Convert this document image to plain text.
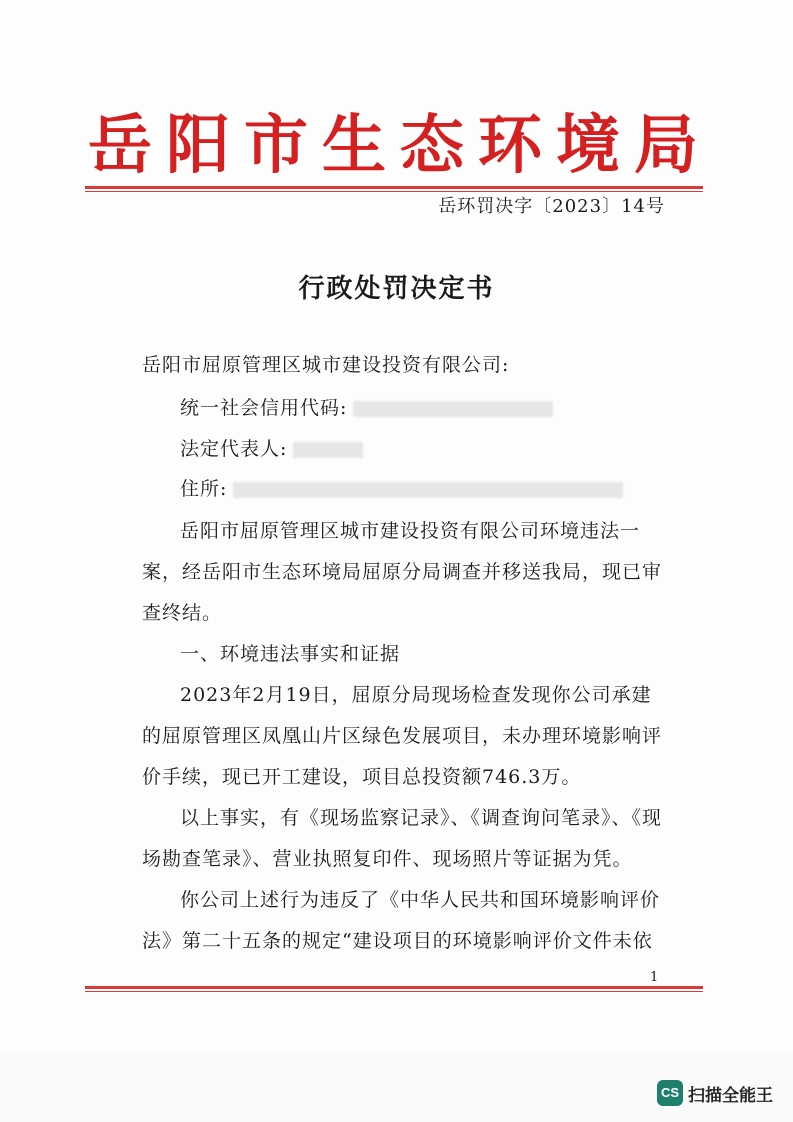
岳阳市生态环境局
岳环罚决字〔2023〕14号
行政处罚决定书
岳阳市屈原管理区城市建设投资有限公司:
统一社会信用代码:
法定代表人:
住所:
岳阳市屈原管理区城市建设投资有限公司环境违法一
案，经岳阳市生态环境局屈原分局调查并移送我局，现已审
查终结。
一、环境违法事实和证据
2023年2月19日，屈原分局现场检查发现你公司承建
的屈原管理区凤凰山片区绿色发展项目，未办理环境影响评
价手续，现已开工建设，项目总投资额746.3万。
以上事实，有《现场监察记录》、《调查询问笔录》、《现
场勘查笔录》、营业执照复印件、现场照片等证据为凭。
你公司上述行为违反了《中华人民共和国环境影响评价
法》第二十五条的规定“建设项目的环境影响评价文件未依
1
CS 扫描全能王
